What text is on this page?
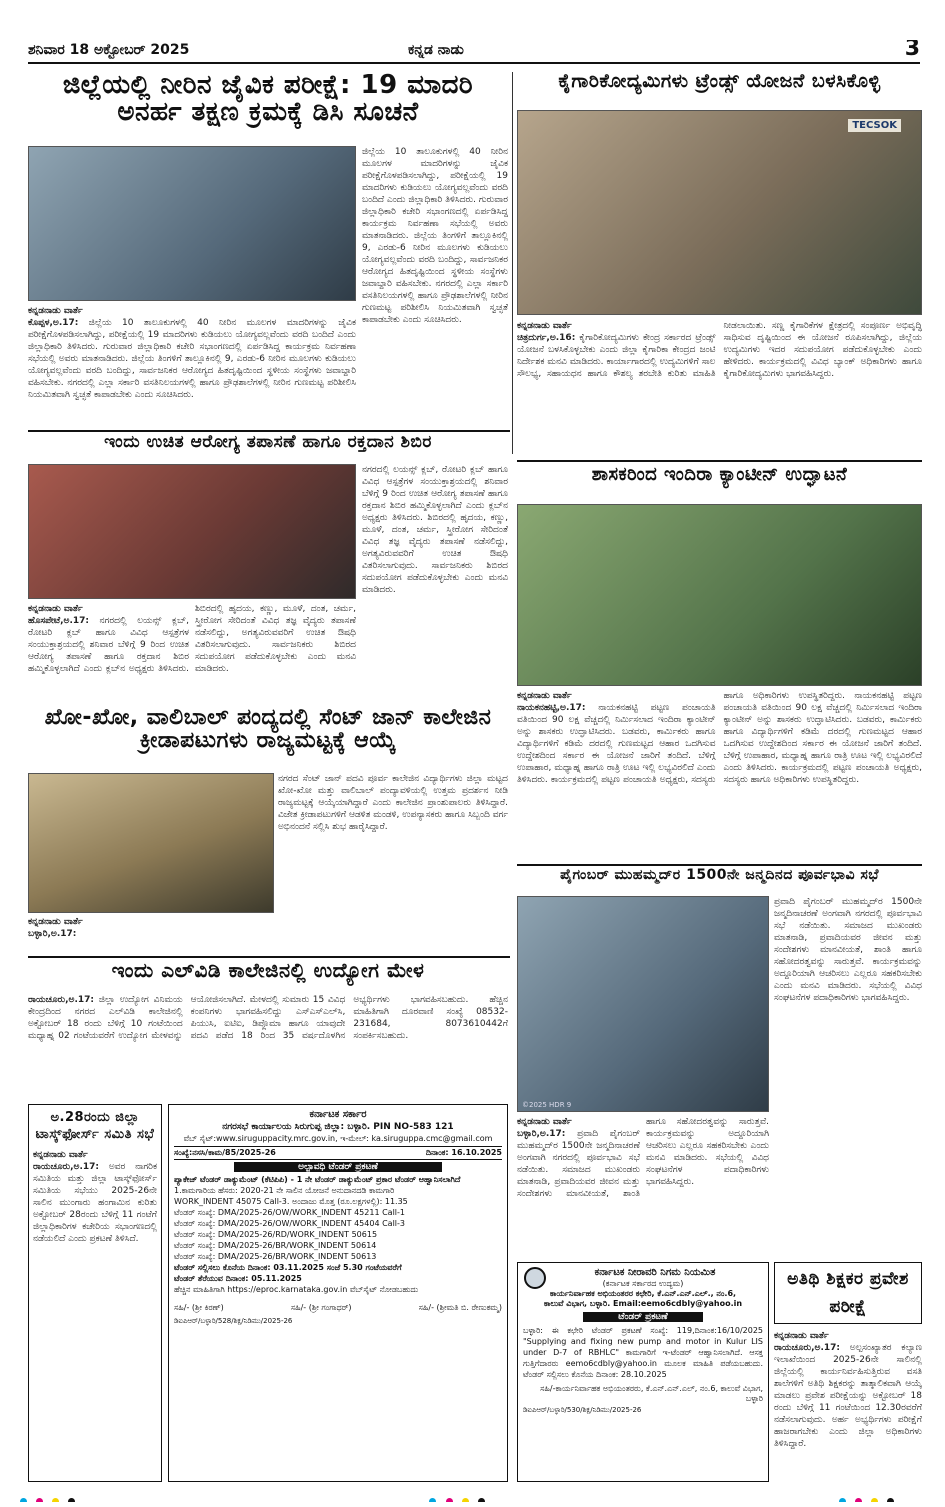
ಶನಿವಾರ 18 ಅಕ್ಟೋಬರ್ 2025	ಕನ್ನಡ ನಾಡು	3
ಜಿಲ್ಲೆಯಲ್ಲಿ ನೀರಿನ ಜೈವಿಕ ಪರೀಕ್ಷೆ: 19 ಮಾದರಿ ಅನರ್ಹ ತಕ್ಷಣ ಕ್ರಮಕ್ಕೆ ಡಿಸಿ ಸೂಚನೆ
ಕನ್ನಡನಾಡು ವಾರ್ತೆ
ಕೊಪ್ಪಳ,ಅ.17: ಜಿಲ್ಲೆಯ 10 ತಾಲೂಕುಗಳಲ್ಲಿ 40 ನೀರಿನ ಮೂಲಗಳ ಮಾದರಿಗಳನ್ನು ಜೈವಿಕ ಪರೀಕ್ಷೆಗೊಳಪಡಿಸಲಾಗಿದ್ದು, ಪರೀಕ್ಷೆಯಲ್ಲಿ 19 ಮಾದರಿಗಳು ಕುಡಿಯಲು ಯೋಗ್ಯವಲ್ಲವೆಂದು ವರದಿ ಬಂದಿದೆ ಎಂದು ಜಿಲ್ಲಾಧಿಕಾರಿ ತಿಳಿಸಿದರು. ಗುರುವಾರ ಜಿಲ್ಲಾಧಿಕಾರಿ ಕಚೇರಿ ಸಭಾಂಗಣದಲ್ಲಿ ಏರ್ಪಡಿಸಿದ್ದ ಕಾರ್ಯಕ್ರಮ ನಿರ್ವಹಣಾ ಸಭೆಯಲ್ಲಿ ಅವರು ಮಾತನಾಡಿದರು. ಜಿಲ್ಲೆಯ ತಿಂಗಳಿಗೆ ತಾಲ್ಲೂಕಿನಲ್ಲಿ 9, ಎರಡು-6 ನೀರಿನ ಮೂಲಗಳು ಕುಡಿಯಲು ಯೋಗ್ಯವಲ್ಲವೆಂದು ವರದಿ ಬಂದಿದ್ದು, ಸಾರ್ವಜನಿಕರ ಆರೋಗ್ಯದ ಹಿತದೃಷ್ಟಿಯಿಂದ ಸ್ಥಳೀಯ ಸಂಸ್ಥೆಗಳು ಜವಾಬ್ದಾರಿ ವಹಿಸಬೇಕು. ನಗರದಲ್ಲಿ ಎಲ್ಲಾ ಸರ್ಕಾರಿ ವಸತಿನಿಲಯಗಳಲ್ಲಿ ಹಾಗೂ ಪ್ರೌಢಶಾಲೆಗಳಲ್ಲಿ ನೀರಿನ ಗುಣಮಟ್ಟ ಪರಿಶೀಲಿಸಿ ನಿಯಮಿತವಾಗಿ ಸ್ವಚ್ಛತೆ ಕಾಪಾಡಬೇಕು ಎಂದು ಸೂಚಿಸಿದರು.
ಜಿಲ್ಲೆಯ 10 ತಾಲೂಕುಗಳಲ್ಲಿ 40 ನೀರಿನ ಮೂಲಗಳ ಮಾದರಿಗಳನ್ನು ಜೈವಿಕ ಪರೀಕ್ಷೆಗೊಳಪಡಿಸಲಾಗಿದ್ದು, ಪರೀಕ್ಷೆಯಲ್ಲಿ 19 ಮಾದರಿಗಳು ಕುಡಿಯಲು ಯೋಗ್ಯವಲ್ಲವೆಂದು ವರದಿ ಬಂದಿದೆ ಎಂದು ಜಿಲ್ಲಾಧಿಕಾರಿ ತಿಳಿಸಿದರು. ಗುರುವಾರ ಜಿಲ್ಲಾಧಿಕಾರಿ ಕಚೇರಿ ಸಭಾಂಗಣದಲ್ಲಿ ಏರ್ಪಡಿಸಿದ್ದ ಕಾರ್ಯಕ್ರಮ ನಿರ್ವಹಣಾ ಸಭೆಯಲ್ಲಿ ಅವರು ಮಾತನಾಡಿದರು. ಜಿಲ್ಲೆಯ ತಿಂಗಳಿಗೆ ತಾಲ್ಲೂಕಿನಲ್ಲಿ 9, ಎರಡು-6 ನೀರಿನ ಮೂಲಗಳು ಕುಡಿಯಲು ಯೋಗ್ಯವಲ್ಲವೆಂದು ವರದಿ ಬಂದಿದ್ದು, ಸಾರ್ವಜನಿಕರ ಆರೋಗ್ಯದ ಹಿತದೃಷ್ಟಿಯಿಂದ ಸ್ಥಳೀಯ ಸಂಸ್ಥೆಗಳು ಜವಾಬ್ದಾರಿ ವಹಿಸಬೇಕು. ನಗರದಲ್ಲಿ ಎಲ್ಲಾ ಸರ್ಕಾರಿ ವಸತಿನಿಲಯಗಳಲ್ಲಿ ಹಾಗೂ ಪ್ರೌಢಶಾಲೆಗಳಲ್ಲಿ ನೀರಿನ ಗುಣಮಟ್ಟ ಪರಿಶೀಲಿಸಿ ನಿಯಮಿತವಾಗಿ ಸ್ವಚ್ಛತೆ ಕಾಪಾಡಬೇಕು ಎಂದು ಸೂಚಿಸಿದರು.
ಕೈಗಾರಿಕೋದ್ಯಮಿಗಳು ಟ್ರೆಂಡ್ಸ್ ಯೋಜನೆ ಬಳಸಿಕೊಳ್ಳಿ
TECSOK
ಕನ್ನಡನಾಡು ವಾರ್ತೆ
ಚಿತ್ರದುರ್ಗ,ಅ.16: ಕೈಗಾರಿಕೋದ್ಯಮಿಗಳು ಕೇಂದ್ರ ಸರ್ಕಾರದ ಟ್ರೆಂಡ್ಸ್ ಯೋಜನೆ ಬಳಸಿಕೊಳ್ಳಬೇಕು ಎಂದು ಜಿಲ್ಲಾ ಕೈಗಾರಿಕಾ ಕೇಂದ್ರದ ಜಂಟಿ ನಿರ್ದೇಶಕ ಮನವಿ ಮಾಡಿದರು. ಕಾರ್ಯಾಗಾರದಲ್ಲಿ ಉದ್ಯಮಿಗಳಿಗೆ ಸಾಲ ಸೌಲಭ್ಯ, ಸಹಾಯಧನ ಹಾಗೂ ಕೌಶಲ್ಯ ತರಬೇತಿ ಕುರಿತು ಮಾಹಿತಿ ನೀಡಲಾಯಿತು. ಸಣ್ಣ ಕೈಗಾರಿಕೆಗಳ ಕ್ಷೇತ್ರದಲ್ಲಿ ಸಂಪೂರ್ಣ ಅಭಿವೃದ್ಧಿ ಸಾಧಿಸುವ ದೃಷ್ಟಿಯಿಂದ ಈ ಯೋಜನೆ ರೂಪಿಸಲಾಗಿದ್ದು, ಜಿಲ್ಲೆಯ ಉದ್ಯಮಿಗಳು ಇದರ ಸದುಪಯೋಗ ಪಡೆದುಕೊಳ್ಳಬೇಕು ಎಂದು ಹೇಳಿದರು. ಕಾರ್ಯಕ್ರಮದಲ್ಲಿ ವಿವಿಧ ಬ್ಯಾಂಕ್ ಅಧಿಕಾರಿಗಳು ಹಾಗೂ ಕೈಗಾರಿಕೋದ್ಯಮಿಗಳು ಭಾಗವಹಿಸಿದ್ದರು.
ಇಂದು ಉಚಿತ ಆರೋಗ್ಯ ತಪಾಸಣೆ ಹಾಗೂ ರಕ್ತದಾನ ಶಿಬಿರ
ಕನ್ನಡನಾಡು ವಾರ್ತೆ
ಹೊಸಪೇಟೆ,ಅ.17: ನಗರದಲ್ಲಿ ಲಯನ್ಸ್ ಕ್ಲಬ್, ರೋಟರಿ ಕ್ಲಬ್ ಹಾಗೂ ವಿವಿಧ ಆಸ್ಪತ್ರೆಗಳ ಸಂಯುಕ್ತಾಶ್ರಯದಲ್ಲಿ ಶನಿವಾರ ಬೆಳಿಗ್ಗೆ 9 ರಿಂದ ಉಚಿತ ಆರೋಗ್ಯ ತಪಾಸಣೆ ಹಾಗೂ ರಕ್ತದಾನ ಶಿಬಿರ ಹಮ್ಮಿಕೊಳ್ಳಲಾಗಿದೆ ಎಂದು ಕ್ಲಬ್‌ನ ಅಧ್ಯಕ್ಷರು ತಿಳಿಸಿದರು. ಶಿಬಿರದಲ್ಲಿ ಹೃದಯ, ಕಣ್ಣು, ಮೂಳೆ, ದಂತ, ಚರ್ಮ, ಸ್ತ್ರೀರೋಗ ಸೇರಿದಂತೆ ವಿವಿಧ ತಜ್ಞ ವೈದ್ಯರು ತಪಾಸಣೆ ನಡೆಸಲಿದ್ದು, ಅಗತ್ಯವಿರುವವರಿಗೆ ಉಚಿತ ಔಷಧಿ ವಿತರಿಸಲಾಗುವುದು. ಸಾರ್ವಜನಿಕರು ಶಿಬಿರದ ಸದುಪಯೋಗ ಪಡೆದುಕೊಳ್ಳಬೇಕು ಎಂದು ಮನವಿ ಮಾಡಿದರು.
ನಗರದಲ್ಲಿ ಲಯನ್ಸ್ ಕ್ಲಬ್, ರೋಟರಿ ಕ್ಲಬ್ ಹಾಗೂ ವಿವಿಧ ಆಸ್ಪತ್ರೆಗಳ ಸಂಯುಕ್ತಾಶ್ರಯದಲ್ಲಿ ಶನಿವಾರ ಬೆಳಿಗ್ಗೆ 9 ರಿಂದ ಉಚಿತ ಆರೋಗ್ಯ ತಪಾಸಣೆ ಹಾಗೂ ರಕ್ತದಾನ ಶಿಬಿರ ಹಮ್ಮಿಕೊಳ್ಳಲಾಗಿದೆ ಎಂದು ಕ್ಲಬ್‌ನ ಅಧ್ಯಕ್ಷರು ತಿಳಿಸಿದರು. ಶಿಬಿರದಲ್ಲಿ ಹೃದಯ, ಕಣ್ಣು, ಮೂಳೆ, ದಂತ, ಚರ್ಮ, ಸ್ತ್ರೀರೋಗ ಸೇರಿದಂತೆ ವಿವಿಧ ತಜ್ಞ ವೈದ್ಯರು ತಪಾಸಣೆ ನಡೆಸಲಿದ್ದು, ಅಗತ್ಯವಿರುವವರಿಗೆ ಉಚಿತ ಔಷಧಿ ವಿತರಿಸಲಾಗುವುದು. ಸಾರ್ವಜನಿಕರು ಶಿಬಿರದ ಸದುಪಯೋಗ ಪಡೆದುಕೊಳ್ಳಬೇಕು ಎಂದು ಮನವಿ ಮಾಡಿದರು.
ಶಾಸಕರಿಂದ ಇಂದಿರಾ ಕ್ಯಾಂಟೀನ್ ಉದ್ಘಾಟನೆ
ಕನ್ನಡನಾಡು ವಾರ್ತೆ
ನಾಯಕನಹಟ್ಟಿ,ಅ.17: ನಾಯಕನಹಟ್ಟಿ ಪಟ್ಟಣ ಪಂಚಾಯತಿ ವತಿಯಿಂದ 90 ಲಕ್ಷ ವೆಚ್ಚದಲ್ಲಿ ನಿರ್ಮಿಸಲಾದ ಇಂದಿರಾ ಕ್ಯಾಂಟೀನ್ ಅನ್ನು ಶಾಸಕರು ಉದ್ಘಾಟಿಸಿದರು. ಬಡವರು, ಕಾರ್ಮಿಕರು ಹಾಗೂ ವಿದ್ಯಾರ್ಥಿಗಳಿಗೆ ಕಡಿಮೆ ದರದಲ್ಲಿ ಗುಣಮಟ್ಟದ ಆಹಾರ ಒದಗಿಸುವ ಉದ್ದೇಶದಿಂದ ಸರ್ಕಾರ ಈ ಯೋಜನೆ ಜಾರಿಗೆ ತಂದಿದೆ. ಬೆಳಿಗ್ಗೆ ಉಪಾಹಾರ, ಮಧ್ಯಾಹ್ನ ಹಾಗೂ ರಾತ್ರಿ ಊಟ ಇಲ್ಲಿ ಲಭ್ಯವಿರಲಿದೆ ಎಂದು ತಿಳಿಸಿದರು. ಕಾರ್ಯಕ್ರಮದಲ್ಲಿ ಪಟ್ಟಣ ಪಂಚಾಯತಿ ಅಧ್ಯಕ್ಷರು, ಸದಸ್ಯರು ಹಾಗೂ ಅಧಿಕಾರಿಗಳು ಉಪಸ್ಥಿತರಿದ್ದರು. ನಾಯಕನಹಟ್ಟಿ ಪಟ್ಟಣ ಪಂಚಾಯತಿ ವತಿಯಿಂದ 90 ಲಕ್ಷ ವೆಚ್ಚದಲ್ಲಿ ನಿರ್ಮಿಸಲಾದ ಇಂದಿರಾ ಕ್ಯಾಂಟೀನ್ ಅನ್ನು ಶಾಸಕರು ಉದ್ಘಾಟಿಸಿದರು. ಬಡವರು, ಕಾರ್ಮಿಕರು ಹಾಗೂ ವಿದ್ಯಾರ್ಥಿಗಳಿಗೆ ಕಡಿಮೆ ದರದಲ್ಲಿ ಗುಣಮಟ್ಟದ ಆಹಾರ ಒದಗಿಸುವ ಉದ್ದೇಶದಿಂದ ಸರ್ಕಾರ ಈ ಯೋಜನೆ ಜಾರಿಗೆ ತಂದಿದೆ. ಬೆಳಿಗ್ಗೆ ಉಪಾಹಾರ, ಮಧ್ಯಾಹ್ನ ಹಾಗೂ ರಾತ್ರಿ ಊಟ ಇಲ್ಲಿ ಲಭ್ಯವಿರಲಿದೆ ಎಂದು ತಿಳಿಸಿದರು. ಕಾರ್ಯಕ್ರಮದಲ್ಲಿ ಪಟ್ಟಣ ಪಂಚಾಯತಿ ಅಧ್ಯಕ್ಷರು, ಸದಸ್ಯರು ಹಾಗೂ ಅಧಿಕಾರಿಗಳು ಉಪಸ್ಥಿತರಿದ್ದರು.
ಖೋ-ಖೋ, ವಾಲಿಬಾಲ್ ಪಂದ್ಯದಲ್ಲಿ ಸೆಂಟ್ ಜಾನ್ ಕಾಲೇಜಿನ ಕ್ರೀಡಾಪಟುಗಳು ರಾಜ್ಯಮಟ್ಟಕ್ಕೆ ಆಯ್ಕೆ
ನಗರದ ಸೆಂಟ್ ಜಾನ್ ಪದವಿ ಪೂರ್ವ ಕಾಲೇಜಿನ ವಿದ್ಯಾರ್ಥಿಗಳು ಜಿಲ್ಲಾ ಮಟ್ಟದ ಖೋ-ಖೋ ಮತ್ತು ವಾಲಿಬಾಲ್ ಪಂದ್ಯಾವಳಿಯಲ್ಲಿ ಉತ್ತಮ ಪ್ರದರ್ಶನ ನೀಡಿ ರಾಜ್ಯಮಟ್ಟಕ್ಕೆ ಆಯ್ಕೆಯಾಗಿದ್ದಾರೆ ಎಂದು ಕಾಲೇಜಿನ ಪ್ರಾಂಶುಪಾಲರು ತಿಳಿಸಿದ್ದಾರೆ. ವಿಜೇತ ಕ್ರೀಡಾಪಟುಗಳಿಗೆ ಆಡಳಿತ ಮಂಡಳಿ, ಉಪನ್ಯಾಸಕರು ಹಾಗೂ ಸಿಬ್ಬಂದಿ ವರ್ಗ ಅಭಿನಂದನೆ ಸಲ್ಲಿಸಿ ಶುಭ ಹಾರೈಸಿದ್ದಾರೆ.
ಕನ್ನಡನಾಡು ವಾರ್ತೆ
ಬಳ್ಳಾರಿ,ಅ.17:
ಇಂದು ಎಲ್‌ವಿಡಿ ಕಾಲೇಜಿನಲ್ಲಿ ಉದ್ಯೋಗ ಮೇಳ
ರಾಯಚೂರು,ಅ.17: ಜಿಲ್ಲಾ ಉದ್ಯೋಗ ವಿನಿಮಯ ಕೇಂದ್ರದಿಂದ ನಗರದ ಎಲ್‌ವಿಡಿ ಕಾಲೇಜಿನಲ್ಲಿ ಅಕ್ಟೋಬರ್ 18 ರಂದು ಬೆಳಿಗ್ಗೆ 10 ಗಂಟೆಯಿಂದ ಮಧ್ಯಾಹ್ನ 02 ಗಂಟೆಯವರೆಗೆ ಉದ್ಯೋಗ ಮೇಳವನ್ನು ಆಯೋಜಿಸಲಾಗಿದೆ. ಮೇಳದಲ್ಲಿ ಸುಮಾರು 15 ವಿವಿಧ ಕಂಪನಿಗಳು ಭಾಗವಹಿಸಲಿದ್ದು ಎಸ್‌ಎಸ್‌ಎಲ್‌ಸಿ, ಪಿಯುಸಿ, ಐಟಿಐ, ಡಿಪ್ಲೊಮಾ ಹಾಗೂ ಯಾವುದೇ ಪದವಿ ಪಡೆದ 18 ರಿಂದ 35 ವರ್ಷದೊಳಗಿನ ಅಭ್ಯರ್ಥಿಗಳು ಭಾಗವಹಿಸಬಹುದು. ಹೆಚ್ಚಿನ ಮಾಹಿತಿಗಾಗಿ ದೂರವಾಣಿ ಸಂಖ್ಯೆ 08532-231684, 8073610442ಗೆ ಸಂಪರ್ಕಿಸಬಹುದು.
ಪೈಗಂಬರ್ ಮುಹಮ್ಮದ್‌ರ 1500ನೇ ಜನ್ಮದಿನದ ಪೂರ್ವಭಾವಿ ಸಭೆ
©2025 HDR 9
ಪ್ರವಾದಿ ಪೈಗಂಬರ್ ಮುಹಮ್ಮದ್‌ರ 1500ನೇ ಜನ್ಮದಿನಾಚರಣೆ ಅಂಗವಾಗಿ ನಗರದಲ್ಲಿ ಪೂರ್ವಭಾವಿ ಸಭೆ ನಡೆಯಿತು. ಸಮಾಜದ ಮುಖಂಡರು ಮಾತನಾಡಿ, ಪ್ರವಾದಿಯವರ ಜೀವನ ಮತ್ತು ಸಂದೇಶಗಳು ಮಾನವೀಯತೆ, ಶಾಂತಿ ಹಾಗೂ ಸಹೋದರತ್ವವನ್ನು ಸಾರುತ್ತವೆ. ಕಾರ್ಯಕ್ರಮವನ್ನು ಅದ್ದೂರಿಯಾಗಿ ಆಚರಿಸಲು ಎಲ್ಲರೂ ಸಹಕರಿಸಬೇಕು ಎಂದು ಮನವಿ ಮಾಡಿದರು. ಸಭೆಯಲ್ಲಿ ವಿವಿಧ ಸಂಘಟನೆಗಳ ಪದಾಧಿಕಾರಿಗಳು ಭಾಗವಹಿಸಿದ್ದರು.
ಕನ್ನಡನಾಡು ವಾರ್ತೆ
ಬಳ್ಳಾರಿ,ಅ.17: ಪ್ರವಾದಿ ಪೈಗಂಬರ್ ಮುಹಮ್ಮದ್‌ರ 1500ನೇ ಜನ್ಮದಿನಾಚರಣೆ ಅಂಗವಾಗಿ ನಗರದಲ್ಲಿ ಪೂರ್ವಭಾವಿ ಸಭೆ ನಡೆಯಿತು. ಸಮಾಜದ ಮುಖಂಡರು ಮಾತನಾಡಿ, ಪ್ರವಾದಿಯವರ ಜೀವನ ಮತ್ತು ಸಂದೇಶಗಳು ಮಾನವೀಯತೆ, ಶಾಂತಿ ಹಾಗೂ ಸಹೋದರತ್ವವನ್ನು ಸಾರುತ್ತವೆ. ಕಾರ್ಯಕ್ರಮವನ್ನು ಅದ್ದೂರಿಯಾಗಿ ಆಚರಿಸಲು ಎಲ್ಲರೂ ಸಹಕರಿಸಬೇಕು ಎಂದು ಮನವಿ ಮಾಡಿದರು. ಸಭೆಯಲ್ಲಿ ವಿವಿಧ ಸಂಘಟನೆಗಳ ಪದಾಧಿಕಾರಿಗಳು ಭಾಗವಹಿಸಿದ್ದರು.
ಅ.28ರಂದು ಜಿಲ್ಲಾ ಟಾಸ್ಕ್‌ಫೋರ್ಸ್ ಸಮಿತಿ ಸಭೆ
ಕನ್ನಡನಾಡು ವಾರ್ತೆ
ರಾಯಚೂರು,ಅ.17: ಅವರ ನಾಗರಿಕ ಸಮಿತಿಯ ಮತ್ತು ಜಿಲ್ಲಾ ಟಾಸ್ಕ್‌ಫೋರ್ಸ್ ಸಮಿತಿಯ ಸಭೆಯು 2025-26ನೇ ಸಾಲಿನ ಮುಂಗಾರು ಹಂಗಾಮಿನ ಕುರಿತು ಅಕ್ಟೋಬರ್ 28ರಂದು ಬೆಳಿಗ್ಗೆ 11 ಗಂಟೆಗೆ ಜಿಲ್ಲಾಧಿಕಾರಿಗಳ ಕಚೇರಿಯ ಸಭಾಂಗಣದಲ್ಲಿ ನಡೆಯಲಿದೆ ಎಂದು ಪ್ರಕಟಣೆ ತಿಳಿಸಿದೆ.
ಕರ್ನಾಟಕ ಸರ್ಕಾರ
ನಗರಸಭೆ ಕಾರ್ಯಾಲಯ ಸಿರುಗುಪ್ಪ ಜಿಲ್ಲಾ: ಬಳ್ಳಾರಿ. PIN NO-583 121
ವೆಬ್ ಸೈಟ್:www.siruguppacity.mrc.gov.in, ಇ-ಮೇಲ್: ka.siruguppa.cmc@gmail.com
ಸಂಖ್ಯೆ:ನಸಸಿ/ಕಾಮ/85/2025-26	ದಿನಾಂಕ: 16.10.2025
ಅಲ್ಪಾವಧಿ ಟೆಂಡರ್ ಪ್ರಕಟಣೆ
ಪ್ಯಾಕೇಜ್ ಟೆಂಡರ್ ಡಾಕ್ಯುಮೆಂಟ್ (ಕೆಟಿಪಿಪಿ) - 1 ನೇ ಟೆಂಡರ್ ಡಾಕ್ಯುಮೆಂಟ್ ಪ್ರಕಾರ ಟೆಂಡರ್ ಆಹ್ವಾನಿಸಲಾಗಿದೆ
1.ಕಾಮಗಾರಿಯ ಹೆಸರು: 2020-21 ನೇ ಸಾಲಿನ ಯೋಜನೆ ಅನುದಾನದಡಿ ಕಾಮಗಾರಿ
WORK_INDENT 45075 Call-3. ಅಂದಾಜು ಮೊತ್ತ (ರೂ.ಲಕ್ಷಗಳಲ್ಲಿ): 11.35
ಟೆಂಡರ್ ಸಂಖ್ಯೆ: DMA/2025-26/OW/WORK_INDENT 45211 Call-1
ಟೆಂಡರ್ ಸಂಖ್ಯೆ: DMA/2025-26/OW/WORK_INDENT 45404 Call-3
ಟೆಂಡರ್ ಸಂಖ್ಯೆ: DMA/2025-26/RD/WORK_INDENT 50615
ಟೆಂಡರ್ ಸಂಖ್ಯೆ: DMA/2025-26/BR/WORK_INDENT 50614
ಟೆಂಡರ್ ಸಂಖ್ಯೆ: DMA/2025-26/BR/WORK_INDENT 50613
ಟೆಂಡರ್ ಸಲ್ಲಿಸಲು ಕೊನೆಯ ದಿನಾಂಕ: 03.11.2025 ಸಂಜೆ 5.30 ಗಂಟೆಯವರೆಗೆ
ಟೆಂಡರ್ ತೆರೆಯುವ ದಿನಾಂಕ: 05.11.2025
ಹೆಚ್ಚಿನ ಮಾಹಿತಿಗಾಗಿ https://eproc.karnataka.gov.in ವೆಬ್‌ಸೈಟ್ ನೋಡಬಹುದು
ಸಹಿ/- (ಶ್ರೀ ಕಿರಣ್)	ಸಹಿ/- (ಶ್ರೀ ಗಂಗಾಧರ್)	ಸಹಿ/- (ಶ್ರೀಮತಿ ಬಿ. ರೇಣುಕಮ್ಮ)
ಡಿಐಪಿಆರ್/ಬಳ್ಳಾರಿ/528/ಶಿಕ್ಷ/ನಿಡಿಮು/2025-26
ಕರ್ನಾಟಕ ನೀರಾವರಿ ನಿಗಮ ನಿಯಮಿತ
(ಕರ್ನಾಟಕ ಸರ್ಕಾರದ ಉದ್ಯಮ)
ಕಾರ್ಯನಿರ್ವಾಹಕ ಅಭಿಯಂತರರ ಕಛೇರಿ, ಕೆ.ಎನ್.ಎನ್.ಎಲ್., ನಂ.6,
ಕಾಲುವೆ ವಿಭಾಗ, ಬಳ್ಳಾರಿ. Email:eemo6cdbly@yahoo.in
ಟೆಂಡರ್ ಪ್ರಕಟಣೆ
ಬಳ್ಳಾರಿ: ಈ ಕಛೇರಿ ಟೆಂಡರ್ ಪ್ರಕಟಣೆ ಸಂಖ್ಯೆ: 119,ದಿನಾಂಕ:16/10/2025 "Supplying and fixing new pump and motor in Kulur LIS under D-7 of RBHLC" ಕಾಮಗಾರಿಗೆ ಇ-ಟೆಂಡರ್ ಆಹ್ವಾನಿಸಲಾಗಿದೆ. ಆಸಕ್ತ ಗುತ್ತಿಗೆದಾರರು eemo6cdbly@yahoo.in ಮೂಲಕ ಮಾಹಿತಿ ಪಡೆಯಬಹುದು. ಟೆಂಡರ್ ಸಲ್ಲಿಸಲು ಕೊನೆಯ ದಿನಾಂಕ: 28.10.2025
ಸಹಿ/-ಕಾರ್ಯನಿರ್ವಾಹಕ ಅಭಿಯಂತರರು, ಕೆ.ಎನ್.ಎನ್.ಎಲ್, ನಂ.6, ಕಾಲುವೆ ವಿಭಾಗ, ಬಳ್ಳಾರಿ
ಡಿಐಪಿಆರ್/ಬಳ್ಳಾರಿ/530/ಶಿಕ್ಷ/ನಿಡಿಮು/2025-26
ಅತಿಥಿ ಶಿಕ್ಷಕರ ಪ್ರವೇಶ ಪರೀಕ್ಷೆ
ಕನ್ನಡನಾಡು ವಾರ್ತೆ
ರಾಯಚೂರು,ಅ.17: ಅಲ್ಪಸಂಖ್ಯಾತರ ಕಲ್ಯಾಣ ಇಲಾಖೆಯಿಂದ 2025-26ನೇ ಸಾಲಿನಲ್ಲಿ ಜಿಲ್ಲೆಯಲ್ಲಿ ಕಾರ್ಯನಿರ್ವಹಿಸುತ್ತಿರುವ ವಸತಿ ಶಾಲೆಗಳಿಗೆ ಅತಿಥಿ ಶಿಕ್ಷಕರನ್ನು ತಾತ್ಕಾಲಿಕವಾಗಿ ಆಯ್ಕೆ ಮಾಡಲು ಪ್ರವೇಶ ಪರೀಕ್ಷೆಯನ್ನು ಅಕ್ಟೋಬರ್ 18 ರಂದು ಬೆಳಿಗ್ಗೆ 11 ಗಂಟೆಯಿಂದ 12.30ರವರೆಗೆ ನಡೆಸಲಾಗುವುದು. ಅರ್ಹ ಅಭ್ಯರ್ಥಿಗಳು ಪರೀಕ್ಷೆಗೆ ಹಾಜರಾಗಬೇಕು ಎಂದು ಜಿಲ್ಲಾ ಅಧಿಕಾರಿಗಳು ತಿಳಿಸಿದ್ದಾರೆ.
